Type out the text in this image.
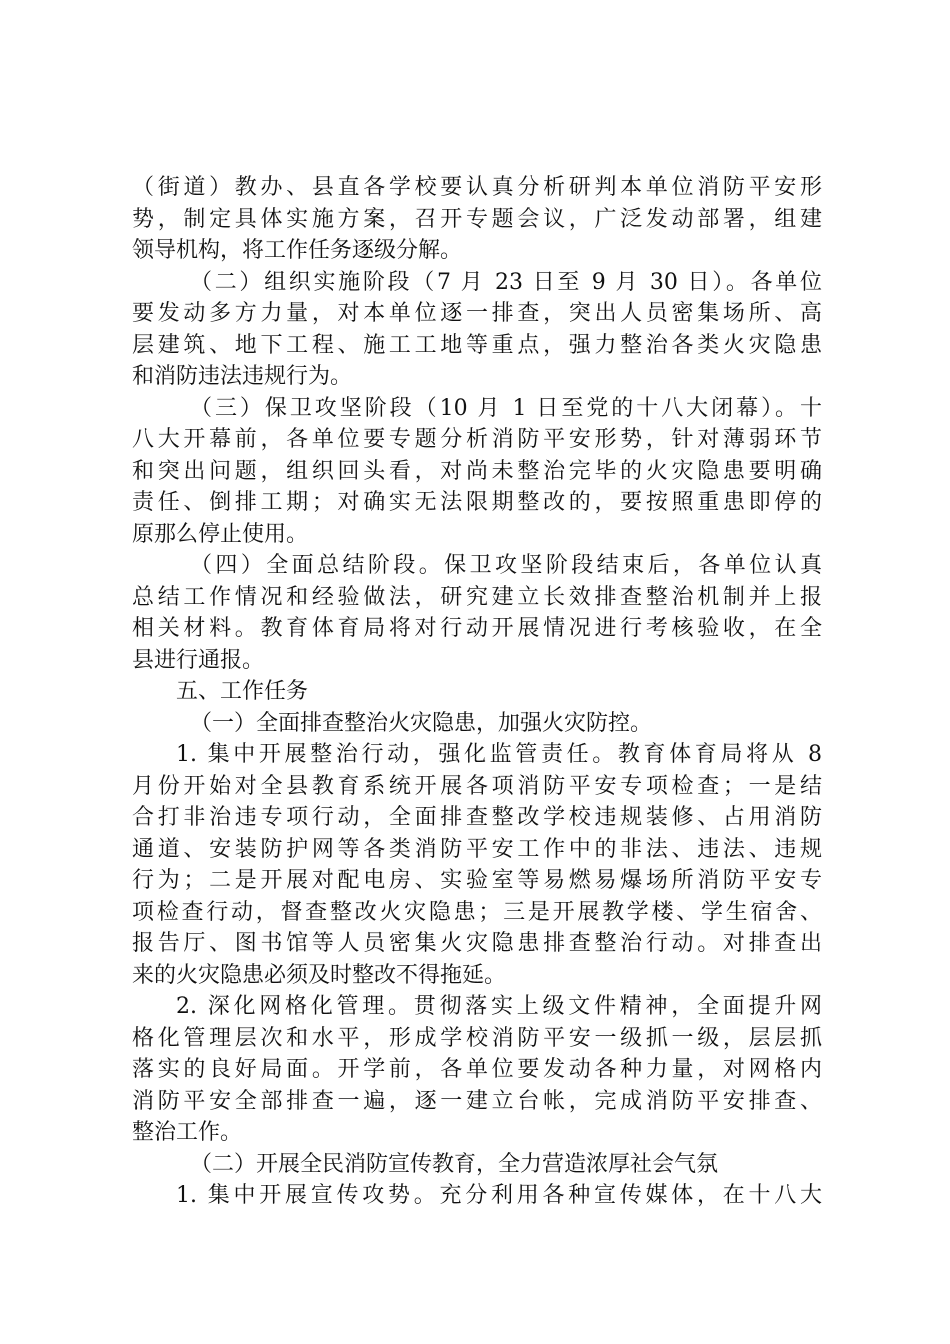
（街道）教办、县直各学校要认真分析研判本单位消防平安形
势，制定具体实施方案，召开专题会议，广泛发动部署，组建
领导机构，将工作任务逐级分解。
（二）组织实施阶段（7 月 23 日至 9 月 30 日）。各单位
要发动多方力量，对本单位逐一排查，突出人员密集场所、高
层建筑、地下工程、施工工地等重点，强力整治各类火灾隐患
和消防违法违规行为。
（三）保卫攻坚阶段（10 月 1 日至党的十八大闭幕）。十
八大开幕前，各单位要专题分析消防平安形势，针对薄弱环节
和突出问题，组织回头看，对尚未整治完毕的火灾隐患要明确
责任、倒排工期；对确实无法限期整改的，要按照重患即停的
原那么停止使用。
（四）全面总结阶段。保卫攻坚阶段结束后，各单位认真
总结工作情况和经验做法，研究建立长效排查整治机制并上报
相关材料。教育体育局将对行动开展情况进行考核验收，在全
县进行通报。
五、工作任务
（一）全面排查整治火灾隐患，加强火灾防控。
1. 集中开展整治行动，强化监管责任。教育体育局将从 8
月份开始对全县教育系统开展各项消防平安专项检查；一是结
合打非治违专项行动，全面排查整改学校违规装修、占用消防
通道、安装防护网等各类消防平安工作中的非法、违法、违规
行为；二是开展对配电房、实验室等易燃易爆场所消防平安专
项检查行动，督查整改火灾隐患；三是开展教学楼、学生宿舍、
报告厅、图书馆等人员密集火灾隐患排查整治行动。对排查出
来的火灾隐患必须及时整改不得拖延。
2. 深化网格化管理。贯彻落实上级文件精神，全面提升网
格化管理层次和水平，形成学校消防平安一级抓一级，层层抓
落实的良好局面。开学前，各单位要发动各种力量，对网格内
消防平安全部排查一遍，逐一建立台帐，完成消防平安排查、
整治工作。
（二）开展全民消防宣传教育，全力营造浓厚社会气氛
1. 集中开展宣传攻势。充分利用各种宣传媒体，在十八大
